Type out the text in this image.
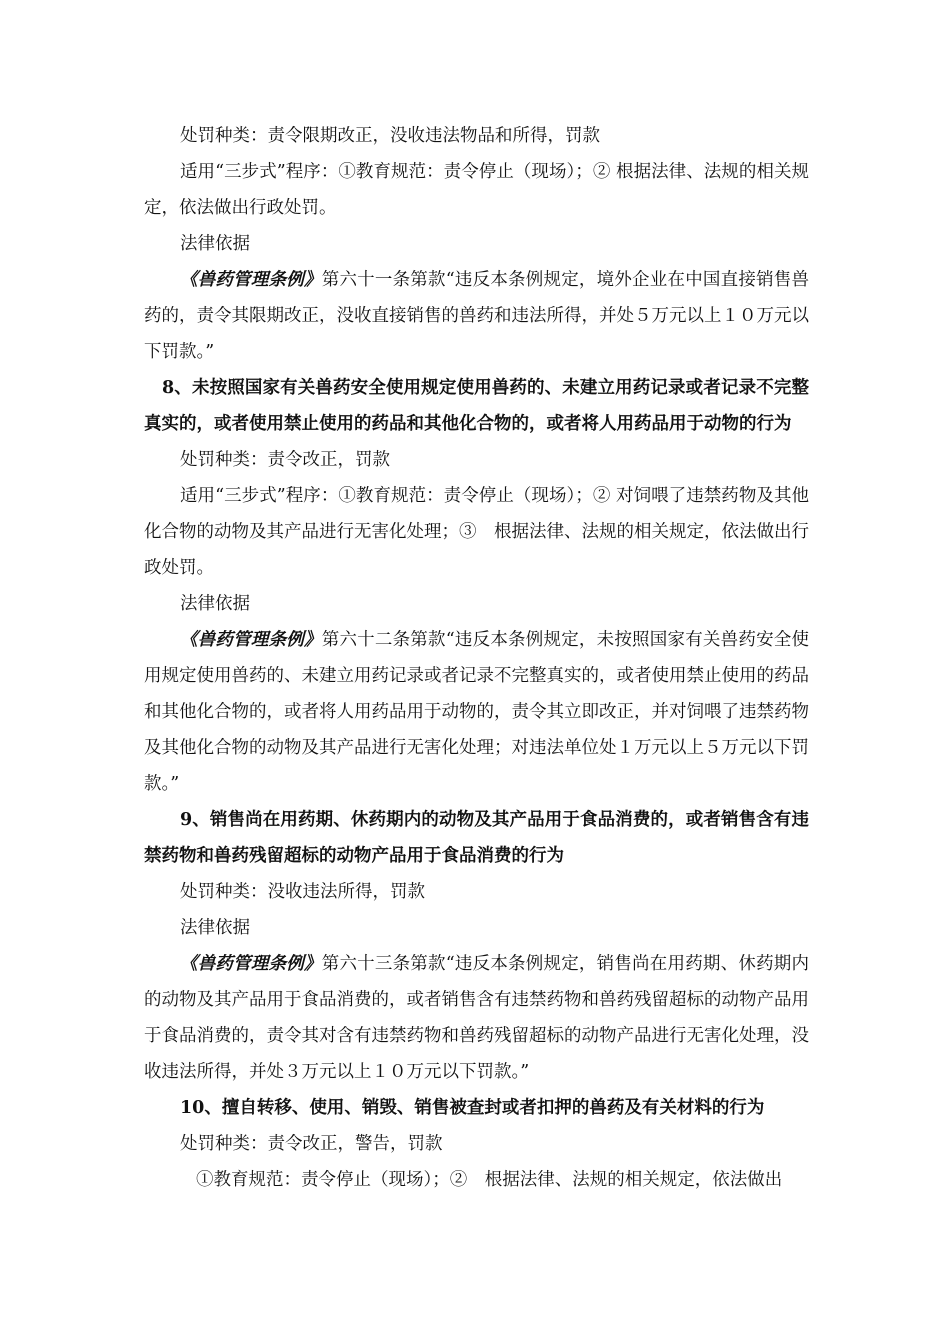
处罚种类：责令限期改正，没收违法物品和所得，罚款

适用“三步式”程序：①教育规范：责令停止（现场）；② 根据法律、法规的相关规定，依法做出行政处罚。

法律依据

《兽药管理条例》第六十一条第款“违反本条例规定，境外企业在中国直接销售兽药的，责令其限期改正，没收直接销售的兽药和违法所得，并处５万元以上１０万元以下罚款。”

8、未按照国家有关兽药安全使用规定使用兽药的、未建立用药记录或者记录不完整真实的，或者使用禁止使用的药品和其他化合物的，或者将人用药品用于动物的行为

处罚种类：责令改正，罚款

适用“三步式”程序：①教育规范：责令停止（现场）；② 对饲喂了违禁药物及其他化合物的动物及其产品进行无害化处理；③　根据法律、法规的相关规定，依法做出行政处罚。

法律依据

《兽药管理条例》第六十二条第款“违反本条例规定，未按照国家有关兽药安全使用规定使用兽药的、未建立用药记录或者记录不完整真实的，或者使用禁止使用的药品和其他化合物的，或者将人用药品用于动物的，责令其立即改正，并对饲喂了违禁药物及其他化合物的动物及其产品进行无害化处理；对违法单位处１万元以上５万元以下罚款。”

9、销售尚在用药期、休药期内的动物及其产品用于食品消费的，或者销售含有违禁药物和兽药残留超标的动物产品用于食品消费的行为

处罚种类：没收违法所得，罚款

法律依据

《兽药管理条例》第六十三条第款“违反本条例规定，销售尚在用药期、休药期内的动物及其产品用于食品消费的，或者销售含有违禁药物和兽药残留超标的动物产品用于食品消费的，责令其对含有违禁药物和兽药残留超标的动物产品进行无害化处理，没收违法所得，并处３万元以上１０万元以下罚款。”

10、擅自转移、使用、销毁、销售被查封或者扣押的兽药及有关材料的行为

处罚种类：责令改正，警告，罚款

①教育规范：责令停止（现场）；②　根据法律、法规的相关规定，依法做出
